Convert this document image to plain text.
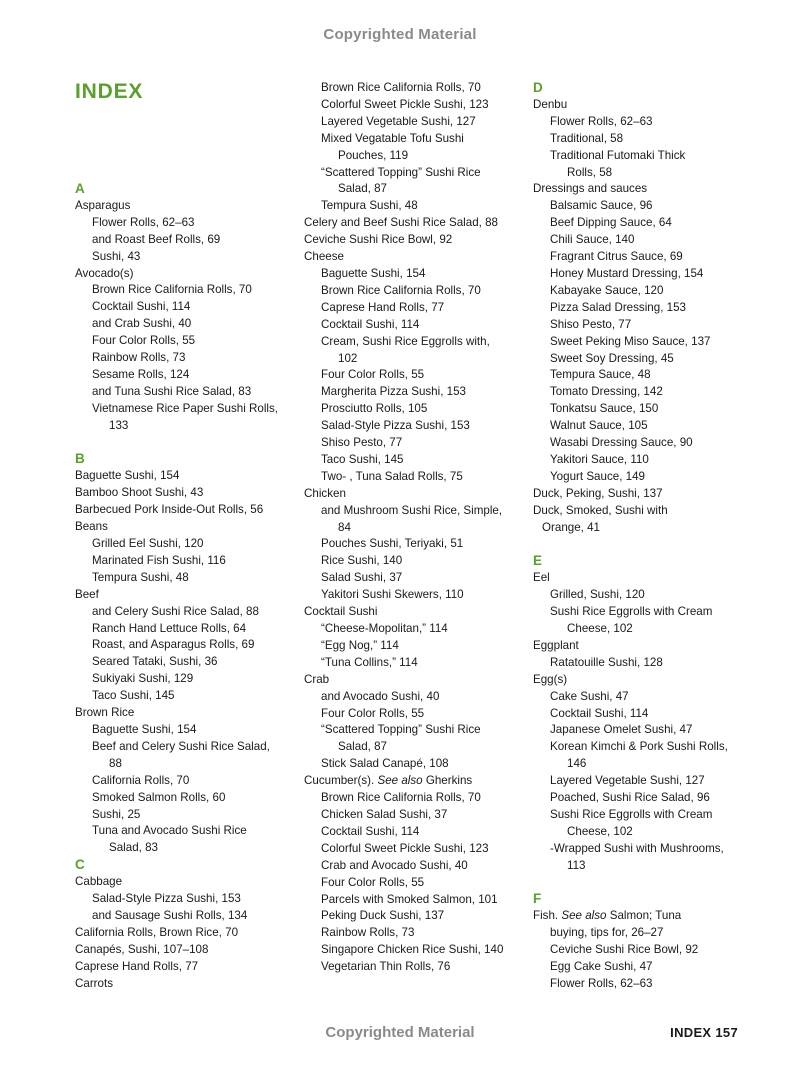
Copyrighted Material
INDEX
A
Asparagus
Flower Rolls, 62–63
and Roast Beef Rolls, 69
Sushi, 43
Avocado(s)
Brown Rice California Rolls, 70
Cocktail Sushi, 114
and Crab Sushi, 40
Four Color Rolls, 55
Rainbow Rolls, 73
Sesame Rolls, 124
and Tuna Sushi Rice Salad, 83
Vietnamese Rice Paper Sushi Rolls,
133
B
Baguette Sushi, 154
Bamboo Shoot Sushi, 43
Barbecued Pork Inside-Out Rolls, 56
Beans
Grilled Eel Sushi, 120
Marinated Fish Sushi, 116
Tempura Sushi, 48
Beef
and Celery Sushi Rice Salad, 88
Ranch Hand Lettuce Rolls, 64
Roast, and Asparagus Rolls, 69
Seared Tataki, Sushi, 36
Sukiyaki Sushi, 129
Taco Sushi, 145
Brown Rice
Baguette Sushi, 154
Beef and Celery Sushi Rice Salad,
88
California Rolls, 70
Smoked Salmon Rolls, 60
Sushi, 25
Tuna and Avocado Sushi Rice
Salad, 83
C
Cabbage
Salad-Style Pizza Sushi, 153
and Sausage Sushi Rolls, 134
California Rolls, Brown Rice, 70
Canapés, Sushi, 107–108
Caprese Hand Rolls, 77
Carrots
Brown Rice California Rolls, 70
Colorful Sweet Pickle Sushi, 123
Layered Vegetable Sushi, 127
Mixed Vegatable Tofu Sushi
Pouches, 119
“Scattered Topping” Sushi Rice
Salad, 87
Tempura Sushi, 48
Celery and Beef Sushi Rice Salad, 88
Ceviche Sushi Rice Bowl, 92
Cheese
Baguette Sushi, 154
Brown Rice California Rolls, 70
Caprese Hand Rolls, 77
Cocktail Sushi, 114
Cream, Sushi Rice Eggrolls with,
102
Four Color Rolls, 55
Margherita Pizza Sushi, 153
Prosciutto Rolls, 105
Salad-Style Pizza Sushi, 153
Shiso Pesto, 77
Taco Sushi, 145
Two- , Tuna Salad Rolls, 75
Chicken
and Mushroom Sushi Rice, Simple,
84
Pouches Sushi, Teriyaki, 51
Rice Sushi, 140
Salad Sushi, 37
Yakitori Sushi Skewers, 110
Cocktail Sushi
“Cheese-Mopolitan,” 114
“Egg Nog,” 114
“Tuna Collins,” 114
Crab
and Avocado Sushi, 40
Four Color Rolls, 55
“Scattered Topping” Sushi Rice
Salad, 87
Stick Salad Canapé, 108
Cucumber(s). See also Gherkins
Brown Rice California Rolls, 70
Chicken Salad Sushi, 37
Cocktail Sushi, 114
Colorful Sweet Pickle Sushi, 123
Crab and Avocado Sushi, 40
Four Color Rolls, 55
Parcels with Smoked Salmon, 101
Peking Duck Sushi, 137
Rainbow Rolls, 73
Singapore Chicken Rice Sushi, 140
Vegetarian Thin Rolls, 76
D
Denbu
Flower Rolls, 62–63
Traditional, 58
Traditional Futomaki Thick
Rolls, 58
Dressings and sauces
Balsamic Sauce, 96
Beef Dipping Sauce, 64
Chili Sauce, 140
Fragrant Citrus Sauce, 69
Honey Mustard Dressing, 154
Kabayake Sauce, 120
Pizza Salad Dressing, 153
Shiso Pesto, 77
Sweet Peking Miso Sauce, 137
Sweet Soy Dressing, 45
Tempura Sauce, 48
Tomato Dressing, 142
Tonkatsu Sauce, 150
Walnut Sauce, 105
Wasabi Dressing Sauce, 90
Yakitori Sauce, 110
Yogurt Sauce, 149
Duck, Peking, Sushi, 137
Duck, Smoked, Sushi with
Orange, 41
E
Eel
Grilled, Sushi, 120
Sushi Rice Eggrolls with Cream
Cheese, 102
Eggplant
Ratatouille Sushi, 128
Egg(s)
Cake Sushi, 47
Cocktail Sushi, 114
Japanese Omelet Sushi, 47
Korean Kimchi & Pork Sushi Rolls,
146
Layered Vegetable Sushi, 127
Poached, Sushi Rice Salad, 96
Sushi Rice Eggrolls with Cream
Cheese, 102
-Wrapped Sushi with Mushrooms,
113
F
Fish. See also Salmon; Tuna
buying, tips for, 26–27
Ceviche Sushi Rice Bowl, 92
Egg Cake Sushi, 47
Flower Rolls, 62–63
Copyrighted Material	INDEX 157
